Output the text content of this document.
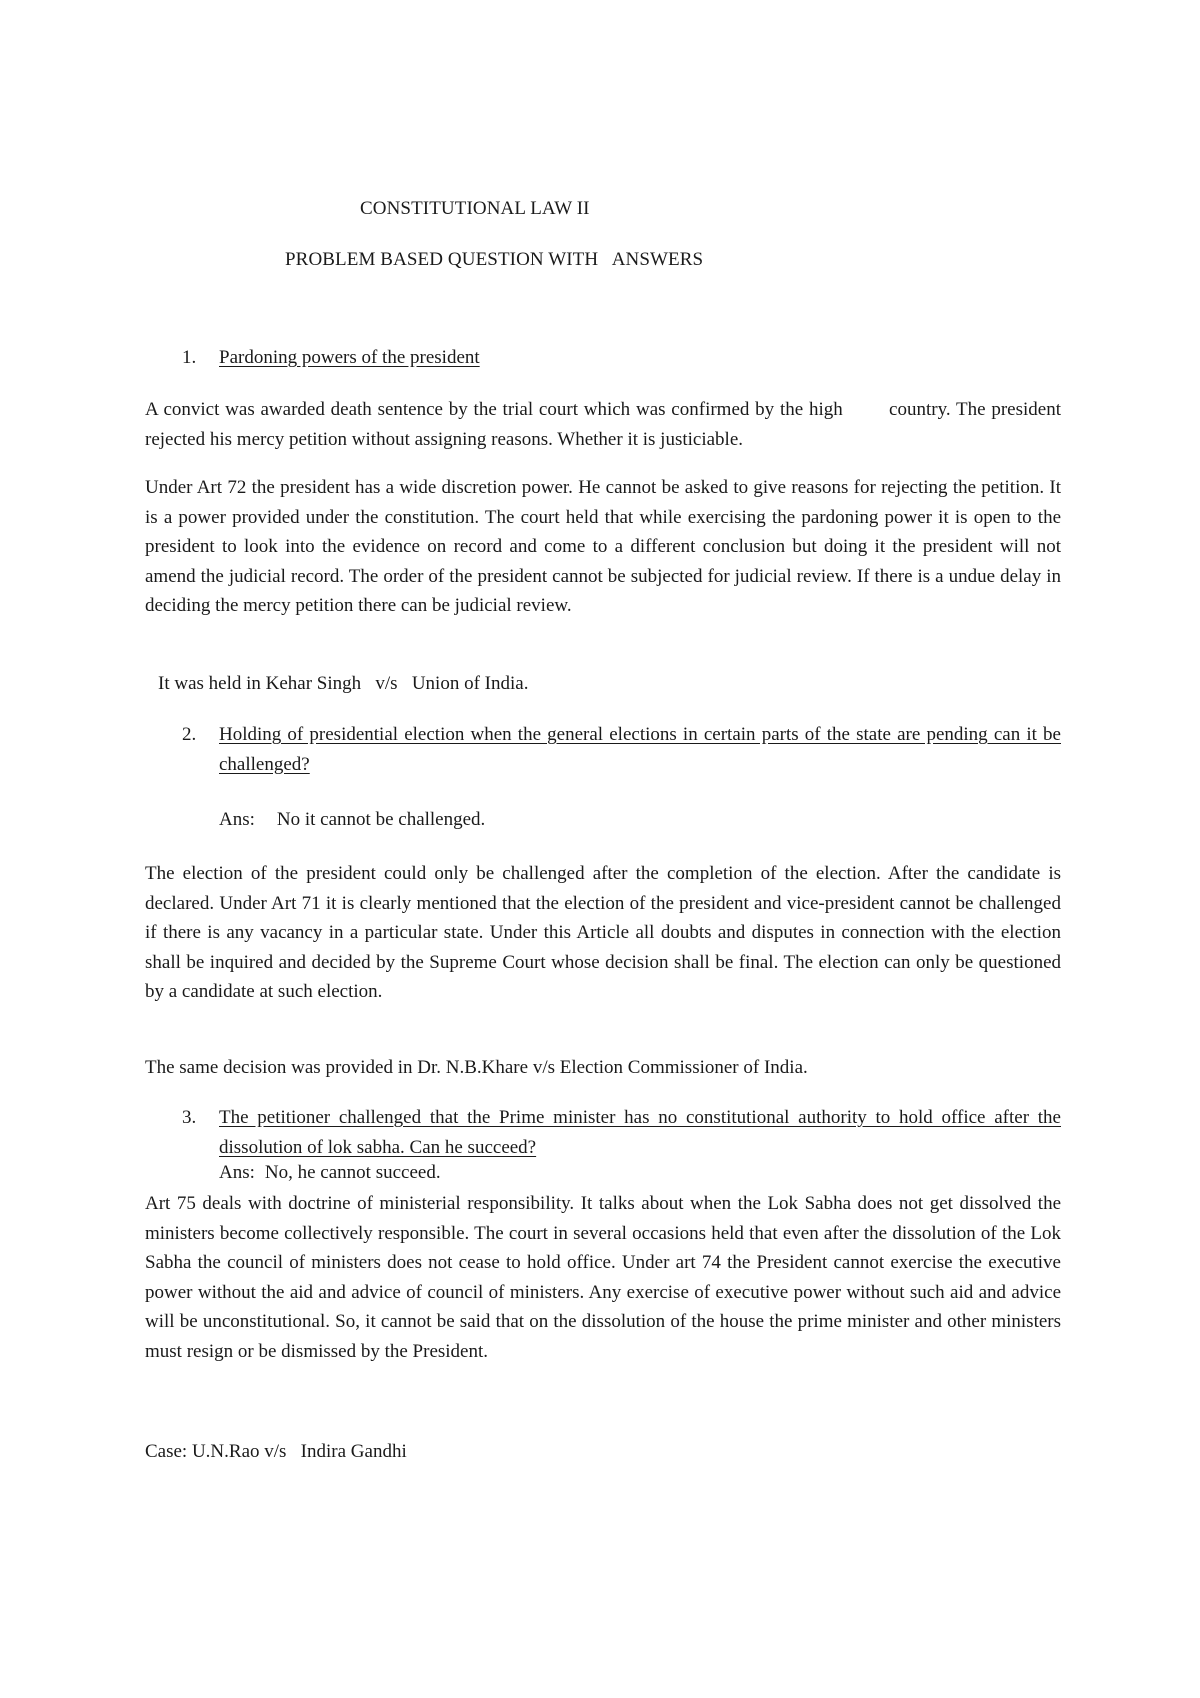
CONSTITUTIONAL LAW II
PROBLEM BASED QUESTION WITH   ANSWERS
1. Pardoning powers of the president
A convict was awarded death sentence by the trial court which was confirmed by the high        country. The president rejected his mercy petition without assigning reasons. Whether it is justiciable.
Under Art 72 the president has a wide discretion power. He cannot be asked to give reasons for rejecting the petition. It is a power provided under the constitution. The court held that while exercising the pardoning power it is open to the president to look into the evidence on record and come to a different conclusion but doing it the president will not amend the judicial record. The order of the president cannot be subjected for judicial review. If there is a undue delay in deciding the mercy petition there can be judicial review.
It was held in Kehar Singh   v/s   Union of India.
2. Holding of presidential election when the general elections in certain parts of the state are pending can it be challenged?
Ans: No it cannot be challenged.
The election of the president could only be challenged after the completion of the election. After the candidate is declared. Under Art 71 it is clearly mentioned that the election of the president and vice-president cannot be challenged if there is any vacancy in a particular state. Under this Article all doubts and disputes in connection with the election shall be inquired and decided by the Supreme Court whose decision shall be final. The election can only be questioned by a candidate at such election.
The same decision was provided in Dr. N.B.Khare v/s Election Commissioner of India.
3. The petitioner challenged that the Prime minister has no constitutional authority to hold office after the dissolution of lok sabha. Can he succeed?
Ans: No, he cannot succeed.
Art 75 deals with doctrine of ministerial responsibility. It talks about when the Lok Sabha does not get dissolved the ministers become collectively responsible. The court in several occasions held that even after the dissolution of the Lok Sabha the council of ministers does not cease to hold office. Under art 74 the President cannot exercise the executive power without the aid and advice of council of ministers. Any exercise of executive power without such aid and advice will be unconstitutional. So, it cannot be said that on the dissolution of the house the prime minister and other ministers must resign or be dismissed by the President.
Case: U.N.Rao v/s   Indira Gandhi
